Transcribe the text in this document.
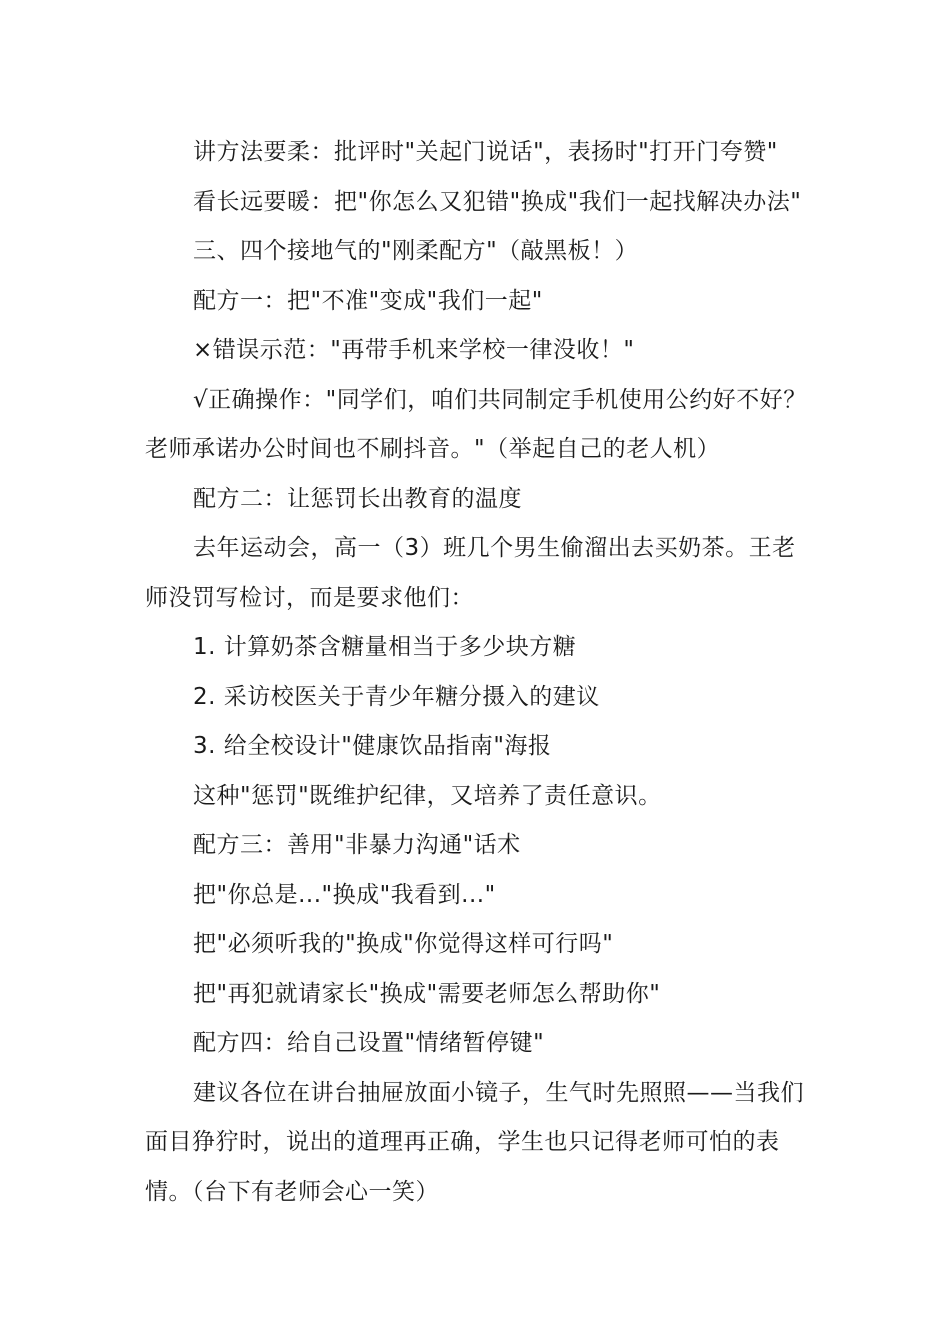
讲方法要柔：批评时"关起门说话"，表扬时"打开门夸赞"

看长远要暖：把"你怎么又犯错"换成"我们一起找解决办法"

三、四个接地气的"刚柔配方"（敲黑板！）

配方一：把"不准"变成"我们一起"

×错误示范："再带手机来学校一律没收！"

√正确操作："同学们，咱们共同制定手机使用公约好不好？老师承诺办公时间也不刷抖音。"（举起自己的老人机）

配方二：让惩罚长出教育的温度

去年运动会，高一（3）班几个男生偷溜出去买奶茶。王老师没罚写检讨，而是要求他们：

1. 计算奶茶含糖量相当于多少块方糖

2. 采访校医关于青少年糖分摄入的建议

3. 给全校设计"健康饮品指南"海报

这种"惩罚"既维护纪律，又培养了责任意识。

配方三：善用"非暴力沟通"话术

把"你总是..."换成"我看到..."

把"必须听我的"换成"你觉得这样可行吗"

把"再犯就请家长"换成"需要老师怎么帮助你"

配方四：给自己设置"情绪暂停键"

建议各位在讲台抽屉放面小镜子，生气时先照照——当我们面目狰狞时，说出的道理再正确，学生也只记得老师可怕的表情。（台下有老师会心一笑）
